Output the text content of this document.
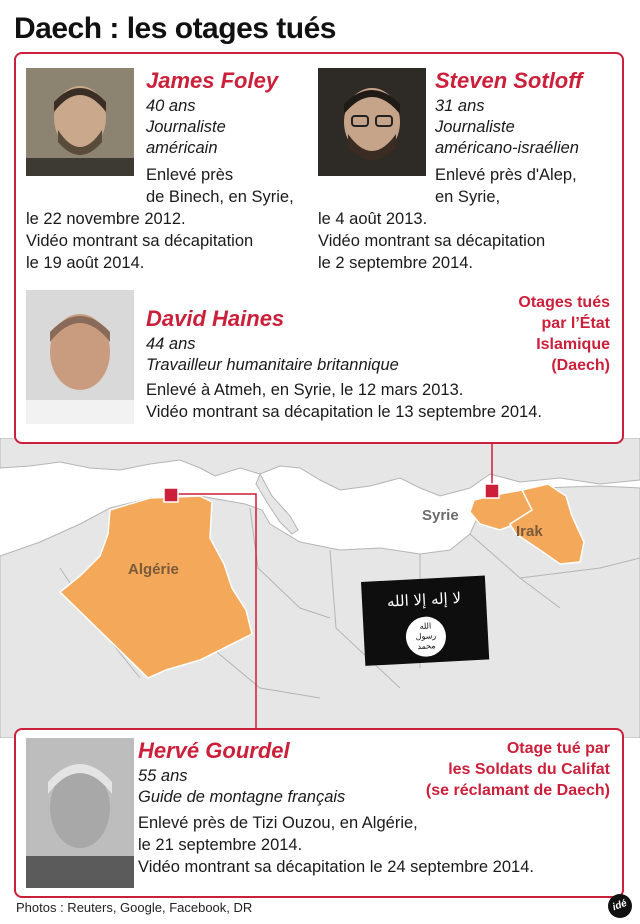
Daech : les otages tués
Algérie
Syrie
Irak
لا إله إلا الله
الله
رسول
محمد
James Foley
40 ans
Journaliste
américain
Enlevé près
de Binech, en Syrie,
le 22 novembre 2012.
Vidéo montrant sa décapitation
le 19 août 2014.
Steven Sotloff
31 ans
Journaliste
américano-israélien
Enlevé près d'Alep,
en Syrie,
le 4 août 2013.
Vidéo montrant sa décapitation
le 2 septembre 2014.
David Haines
44 ans
Travailleur humanitaire britannique
Enlevé à Atmeh, en Syrie, le 12 mars 2013.
Vidéo montrant sa décapitation le 13 septembre 2014.
Otages tués
par l’État
Islamique
(Daech)
Hervé Gourdel
55 ans
Guide de montagne français
Enlevé près de Tizi Ouzou, en Algérie,
le 21 septembre 2014.
Vidéo montrant sa décapitation le 24 septembre 2014.
Otage tué par
les Soldats du Califat
(se réclamant de Daech)
Photos : Reuters, Google, Facebook, DR	idé
